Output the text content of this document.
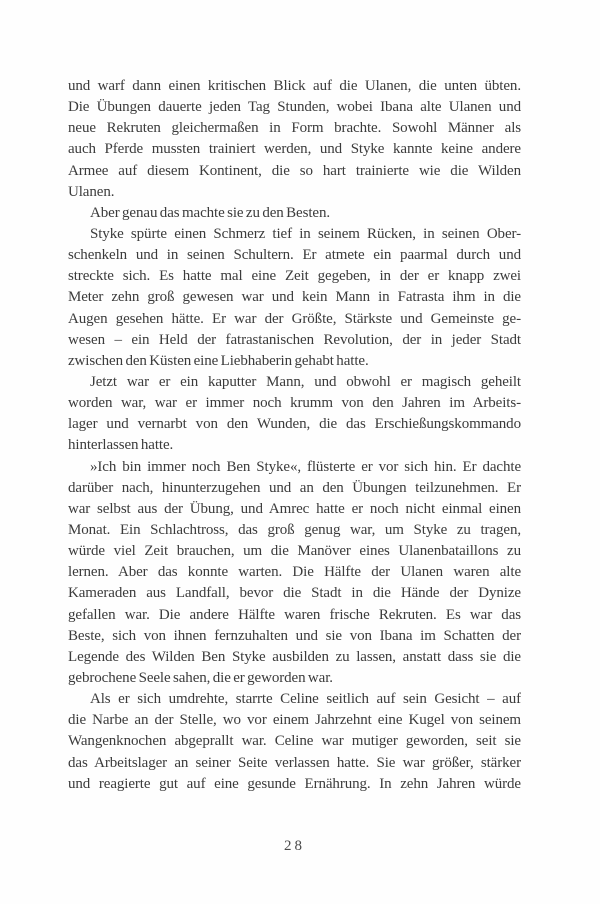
und warf dann einen kritischen Blick auf die Ulanen, die unten übten.
Die Übungen dauerte jeden Tag Stunden, wobei Ibana alte Ulanen und
neue Rekruten gleichermaßen in Form brachte. Sowohl Männer als
auch Pferde mussten trainiert werden, und Styke kannte keine andere
Armee auf diesem Kontinent, die so hart trainierte wie die Wilden
Ulanen.
Aber genau das machte sie zu den Besten.
Styke spürte einen Schmerz tief in seinem Rücken, in seinen Ober-
schenkeln und in seinen Schultern. Er atmete ein paarmal durch und
streckte sich. Es hatte mal eine Zeit gegeben, in der er knapp zwei
Meter zehn groß gewesen war und kein Mann in Fatrasta ihm in die
Augen gesehen hätte. Er war der Größte, Stärkste und Gemeinste ge-
wesen – ein Held der fatrastanischen Revolution, der in jeder Stadt
zwischen den Küsten eine Liebhaberin gehabt hatte.
Jetzt war er ein kaputter Mann, und obwohl er magisch geheilt
worden war, war er immer noch krumm von den Jahren im Arbeits-
lager und vernarbt von den Wunden, die das Erschießungskommando
hinterlassen hatte.
»Ich bin immer noch Ben Styke«, flüsterte er vor sich hin. Er dachte
darüber nach, hinunterzugehen und an den Übungen teilzunehmen. Er
war selbst aus der Übung, und Amrec hatte er noch nicht einmal einen
Monat. Ein Schlachtross, das groß genug war, um Styke zu tragen,
würde viel Zeit brauchen, um die Manöver eines Ulanenbataillons zu
lernen. Aber das konnte warten. Die Hälfte der Ulanen waren alte
Kameraden aus Landfall, bevor die Stadt in die Hände der Dynize
gefallen war. Die andere Hälfte waren frische Rekruten. Es war das
Beste, sich von ihnen fernzuhalten und sie von Ibana im Schatten der
Legende des Wilden Ben Styke ausbilden zu lassen, anstatt dass sie die
gebrochene Seele sahen, die er geworden war.
Als er sich umdrehte, starrte Celine seitlich auf sein Gesicht – auf
die Narbe an der Stelle, wo vor einem Jahrzehnt eine Kugel von seinem
Wangenknochen abgeprallt war. Celine war mutiger geworden, seit sie
das Arbeitslager an seiner Seite verlassen hatte. Sie war größer, stärker
und reagierte gut auf eine gesunde Ernährung. In zehn Jahren würde
28
